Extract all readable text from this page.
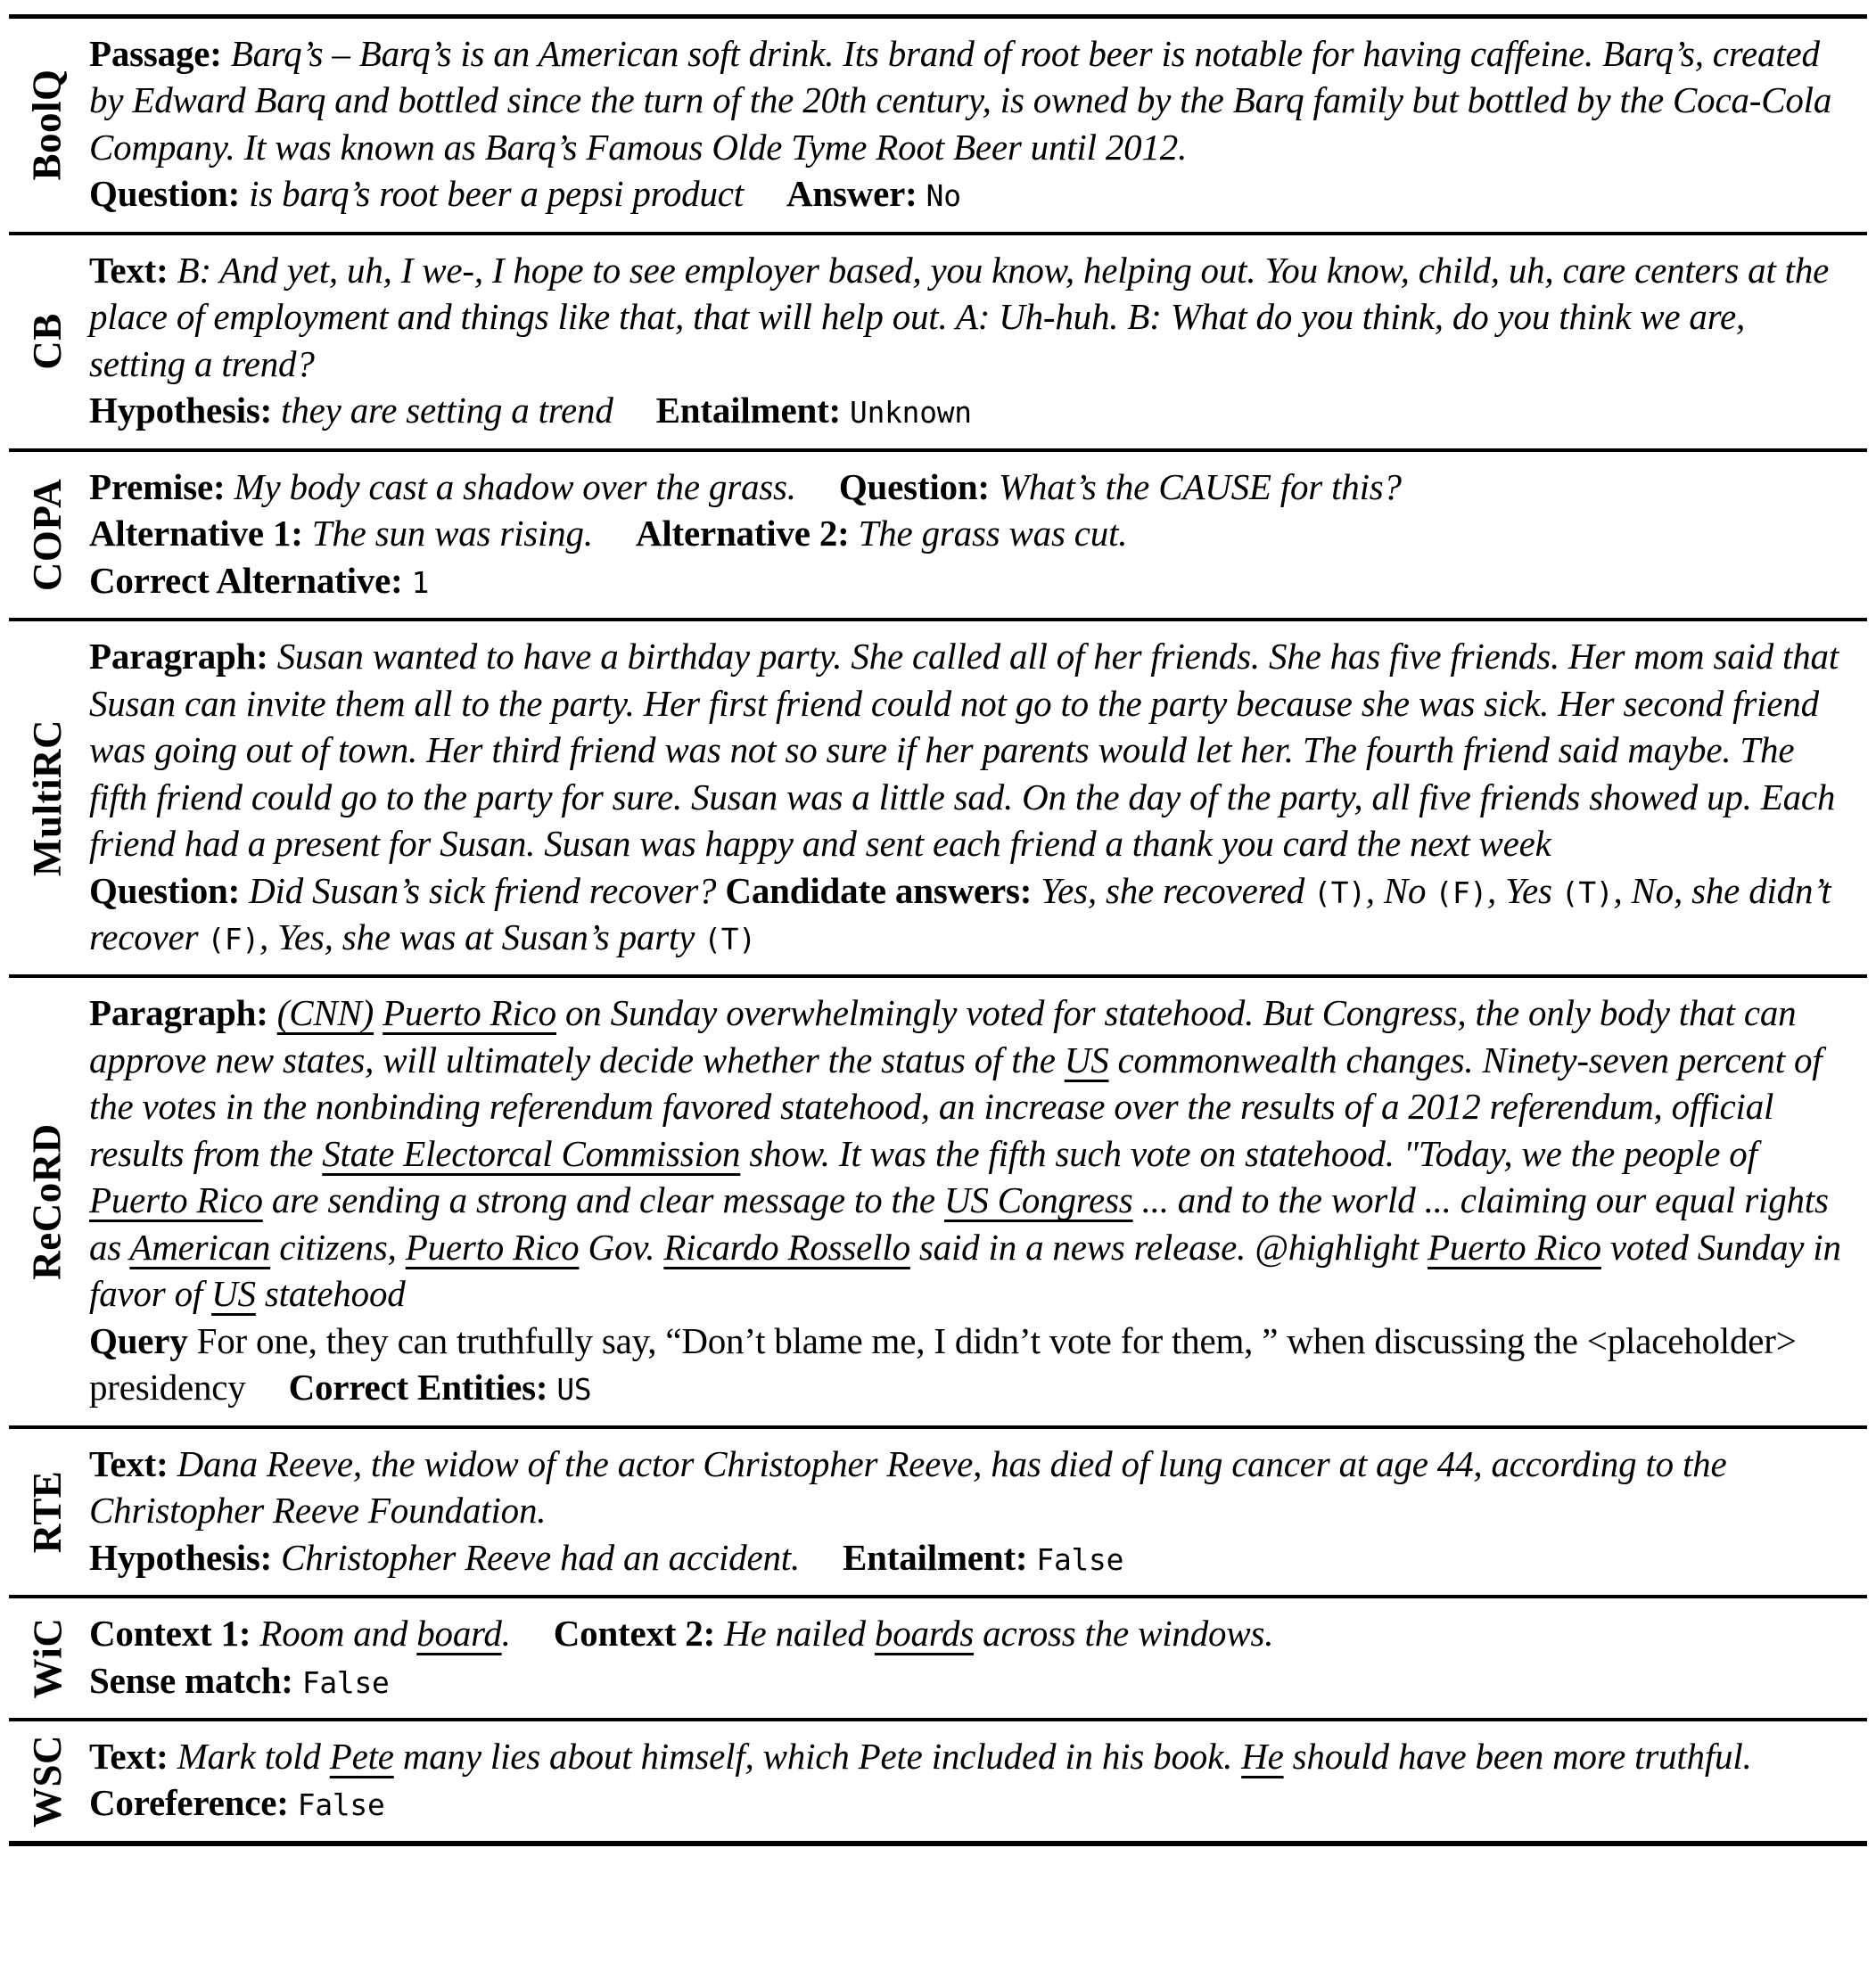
BoolQ
Passage: Barq’s – Barq’s is an American soft drink. Its brand of root beer is notable for having caffeine. Barq’s, created by Edward Barq and bottled since the turn of the 20th century, is owned by the Barq family but bottled by the Coca-Cola Company. It was known as Barq’s Famous Olde Tyme Root Beer until 2012.
Question: is barq’s root beer a pepsi product Answer: No
CB
Text: B: And yet, uh, I we-, I hope to see employer based, you know, helping out. You know, child, uh, care centers at the place of employment and things like that, that will help out. A: Uh-huh. B: What do you think, do you think we are, setting a trend?
Hypothesis: they are setting a trend Entailment: Unknown
COPA Premise: My body cast a shadow over the grass. Question: What’s the CAUSE for this?
Alternative 1: The sun was rising. Alternative 2: The grass was cut.
Correct Alternative: 1
MultiRC
Paragraph: Susan wanted to have a birthday party. She called all of her friends. She has five friends. Her mom said that Susan can invite them all to the party. Her first friend could not go to the party because she was sick. Her second friend was going out of town. Her third friend was not so sure if her parents would let her. The fourth friend said maybe. The fifth friend could go to the party for sure. Susan was a little sad. On the day of the party, all five friends showed up. Each friend had a present for Susan. Susan was happy and sent each friend a thank you card the next week
Question: Did Susan’s sick friend recover? Candidate answers: Yes, she recovered (T), No (F), Yes (T), No, she didn’t recover (F), Yes, she was at Susan’s party (T)
ReCoRD
Paragraph: (CNN) Puerto Rico on Sunday overwhelmingly voted for statehood. But Congress, the only body that can approve new states, will ultimately decide whether the status of the US commonwealth changes. Ninety-seven percent of the votes in the nonbinding referendum favored statehood, an increase over the results of a 2012 referendum, official results from the State Electorcal Commission show. It was the fifth such vote on statehood. "Today, we the people of Puerto Rico are sending a strong and clear message to the US Congress ... and to the world ... claiming our equal rights as American citizens, Puerto Rico Gov. Ricardo Rossello said in a news release. @highlight Puerto Rico voted Sunday in favor of US statehood
Query For one, they can truthfully say, “Don’t blame me, I didn’t vote for them, ” when discussing the <placeholder> presidency Correct Entities: US
RTE
Text: Dana Reeve, the widow of the actor Christopher Reeve, has died of lung cancer at age 44, according to the Christopher Reeve Foundation.
Hypothesis: Christopher Reeve had an accident. Entailment: False
WiC Context 1: Room and board. Context 2: He nailed boards across the windows.
Sense match: False
WSC Text: Mark told Pete many lies about himself, which Pete included in his book. He should have been more truthful.Coreference: False
